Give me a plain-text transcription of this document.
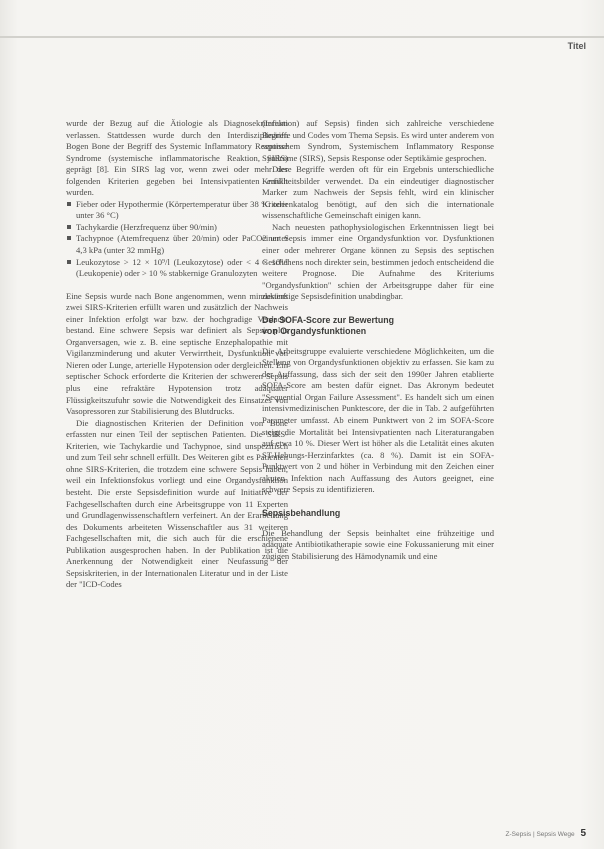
Titel

wurde der Bezug auf die Ätiologie als Diagnosekriterium verlassen. Stattdessen wurde durch den Interdisziplinären Bogen Bone der Begriff des Systemic Inflammatory Response Syndrome (systemische inflammatorische Reaktion, SIRS) geprägt [8]. Ein SIRS lag vor, wenn zwei oder mehr der folgenden Kriterien gegeben bei Intensivpatienten erfüllt wurden.

Fieber oder Hypothermie (Körpertemperatur über 38 °C oder unter 36 °C)
Tachykardie (Herzfrequenz über 90/min)
Tachypnoe (Atemfrequenz über 20/min) oder PaCO2 unter 4,3 kPa (unter 32 mmHg)
Leukozytose > 12 × 10⁹/l (Leukozytose) oder < 4 × 10⁹/l (Leukopenie) oder > 10 % stabkernige Granulozyten

Eine Sepsis wurde nach Bone angenommen, wenn mindestens zwei SIRS-Kriterien erfüllt waren und zusätzlich der Nachweis einer Infektion erfolgt war bzw. der hochgradige Verdacht bestand. Eine schwere Sepsis war definiert als Sepsis plus Organversagen, wie z. B. eine septische Enzephalopathie mit Vigilanzminderung und akuter Verwirrtheit, Dysfunktion von Nieren oder Lunge, arterielle Hypotension oder dergleichen. Ein septischer Schock erforderte die Kriterien der schweren Sepsis plus eine refraktäre Hypotension trotz adäquater Flüssigkeitszufuhr sowie die Notwendigkeit des Einsatzes von Vasopressoren zur Stabilisierung des Blutdrucks.

Die diagnostischen Kriterien der Definition von Bone erfassten nur einen Teil der septischen Patienten. Die SIRS-Kriterien, wie Tachykardie und Tachypnoe, sind unspezifisch und zum Teil sehr schnell erfüllt. Des Weiteren gibt es Patienten ohne SIRS-Kriterien, die trotzdem eine schwere Sepsis haben, weil ein Infektionsfokus vorliegt und eine Organdysfunktion besteht. Die erste Sepsisdefinition wurde auf Initiative der Fachgesellschaften durch eine Arbeitsgruppe von 11 Experten und Grundlagenwissenschaftlern verfeinert. An der Erarbeitung des Dokuments arbeiteten Wissenschaftler aus 31 weiteren Fachgesellschaften mit, die sich auch für die erschienene Publikation ausgesprochen haben. In der Publikation ist die Anerkennung der Notwendigkeit einer Neufassung der Sepsiskriterien, in der Internationalen Literatur und in der Liste der "ICD-Codes

(Infektion) auf Sepsis) finden sich zahlreiche verschiedene Begriffe und Codes vom Thema Sepsis. Es wird unter anderem von septischem Syndrom, Systemischem Inflammatory Response Syndrome (SIRS), Sepsis Response oder Septikämie gesprochen.

Diese Begriffe werden oft für ein Ergebnis unterschiedliche Krankheitsbilder verwendet. Da ein eindeutiger diagnostischer Marker zum Nachweis der Sepsis fehlt, wird ein klinischer Kriterienkatalog benötigt, auf den sich die internationale wissenschaftliche Gemeinschaft einigen kann.

Nach neuesten pathophysiologischen Erkenntnissen liegt bei einer Sepsis immer eine Organdysfunktion vor. Dysfunktionen einer oder mehrerer Organe können zu Sepsis des septischen Geschehens noch direkter sein, bestimmen jedoch entscheidend die weitere Prognose. Die Aufnahme des Kriteriums "Organdysfunktion" schien der Arbeitsgruppe daher für eine zukünftige Sepsisdefinition unabdingbar.

Der SOFA-Score zur Bewertung
von Organdysfunktionen

Die Arbeitsgruppe evaluierte verschiedene Möglichkeiten, um die Stellung von Organdysfunktionen objektiv zu erfassen. Sie kam zu der Auffassung, dass sich der seit den 1990er Jahren etablierte SOFA-Score am besten dafür eignet. Das Akronym bedeutet "Sequential Organ Failure Assessment". Es handelt sich um einen intensivmedizinischen Punktescore, der die in Tab. 2 aufgeführten Parameter umfasst. Ab einem Punktwert von 2 im SOFA-Score steigt die Mortalität bei Intensivpatienten nach Literaturangaben auf etwa 10 %. Dieser Wert ist höher als die Letalität eines akuten ST-Hebungs-Herzinfarktes (ca. 8 %). Damit ist ein SOFA-Punktwert von 2 und höher in Verbindung mit den Zeichen einer akuten Infektion nach Auffassung des Autors geeignet, eine schwere Sepsis zu identifizieren.

Sepsisbehandlung

Die Behandlung der Sepsis beinhaltet eine frühzeitige und adäquate Antibiotikatherapie sowie eine Fokussanierung mit einer zügigen Stabilisierung des Hämodynamik und eine

Z-Sepsis | Sepsis Wege 5
